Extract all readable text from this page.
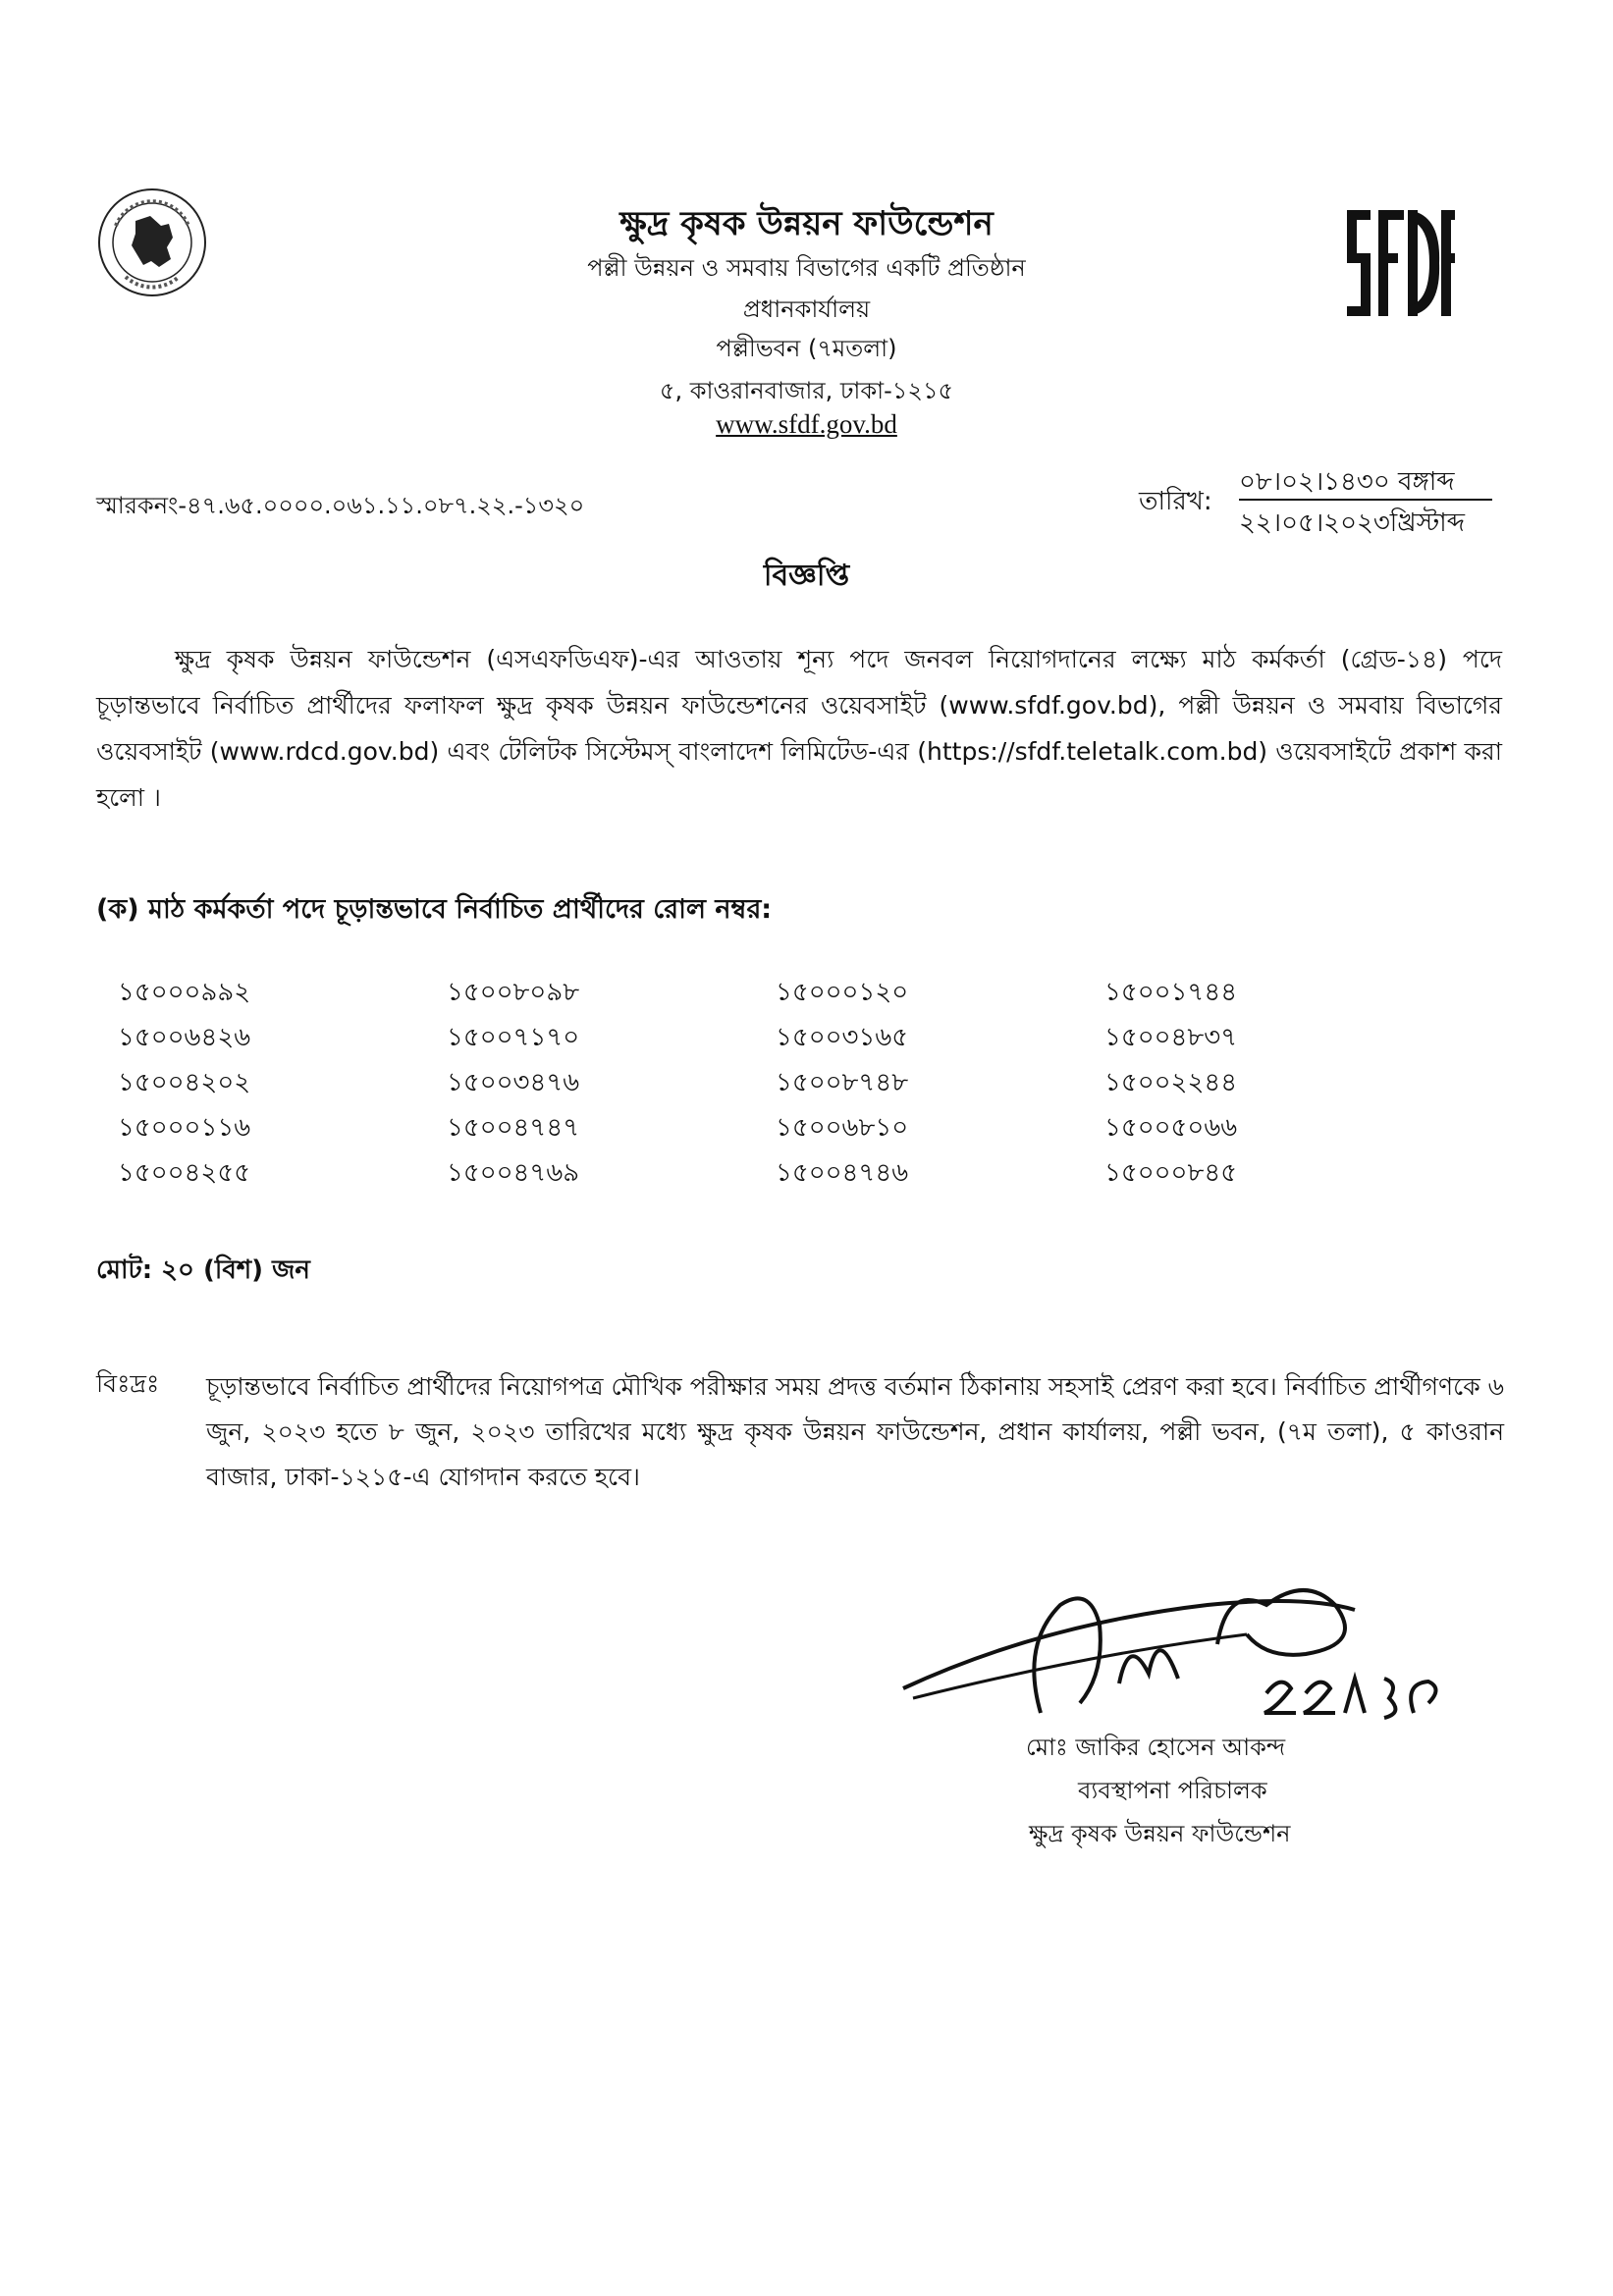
ক্ষুদ্র কৃষক উন্নয়ন ফাউন্ডেশন
পল্লী উন্নয়ন ও সমবায় বিভাগের একটি প্রতিষ্ঠান
প্রধানকার্যালয়
পল্লীভবন (৭মতলা)
৫, কাওরানবাজার, ঢাকা-১২১৫
www.sfdf.gov.bd
স্মারকনং-৪৭.৬৫.০০০০.০৬১.১১.০৮৭.২২.-১৩২০	তারিখ:
০৮।০২।১৪৩০ বঙ্গাব্দ
২২।০৫।২০২৩খ্রিস্টাব্দ
বিজ্ঞপ্তি
ক্ষুদ্র কৃষক উন্নয়ন ফাউন্ডেশন (এসএফডিএফ)-এর আওতায় শূন্য পদে জনবল নিয়োগদানের লক্ষ্যে মাঠ কর্মকর্তা (গ্রেড-১৪) পদে চূড়ান্তভাবে নির্বাচিত প্রার্থীদের ফলাফল ক্ষুদ্র কৃষক উন্নয়ন ফাউন্ডেশনের ওয়েবসাইট (www.sfdf.gov.bd), পল্লী উন্নয়ন ও সমবায় বিভাগের ওয়েবসাইট (www.rdcd.gov.bd) এবং টেলিটক সিস্টেমস্ বাংলাদেশ লিমিটেড-এর (https://sfdf.teletalk.com.bd) ওয়েবসাইটে প্রকাশ করা হলো ।
(ক) মাঠ কর্মকর্তা পদে চূড়ান্তভাবে নির্বাচিত প্রার্থীদের রোল নম্বর:
১৫০০০৯৯২	১৫০০৮০৯৮	১৫০০০১২০	১৫০০১৭৪৪
১৫০০৬৪২৬	১৫০০৭১৭০	১৫০০৩১৬৫	১৫০০৪৮৩৭
১৫০০৪২০২	১৫০০৩৪৭৬	১৫০০৮৭৪৮	১৫০০২২৪৪
১৫০০০১১৬	১৫০০৪৭৪৭	১৫০০৬৮১০	১৫০০৫০৬৬
১৫০০৪২৫৫	১৫০০৪৭৬৯	১৫০০৪৭৪৬	১৫০০০৮৪৫
মোট: ২০ (বিশ) জন
বিঃদ্রঃ চূড়ান্তভাবে নির্বাচিত প্রার্থীদের নিয়োগপত্র মৌখিক পরীক্ষার সময় প্রদত্ত বর্তমান ঠিকানায় সহসাই প্রেরণ করা হবে। নির্বাচিত প্রার্থীগণকে ৬ জুন, ২০২৩ হতে ৮ জুন, ২০২৩ তারিখের মধ্যে ক্ষুদ্র কৃষক উন্নয়ন ফাউন্ডেশন, প্রধান কার্যালয়, পল্লী ভবন, (৭ম তলা), ৫ কাওরান বাজার, ঢাকা-১২১৫-এ যোগদান করতে হবে।
মোঃ জাকির হোসেন আকন্দ
ব্যবস্থাপনা পরিচালক
ক্ষুদ্র কৃষক উন্নয়ন ফাউন্ডেশন
